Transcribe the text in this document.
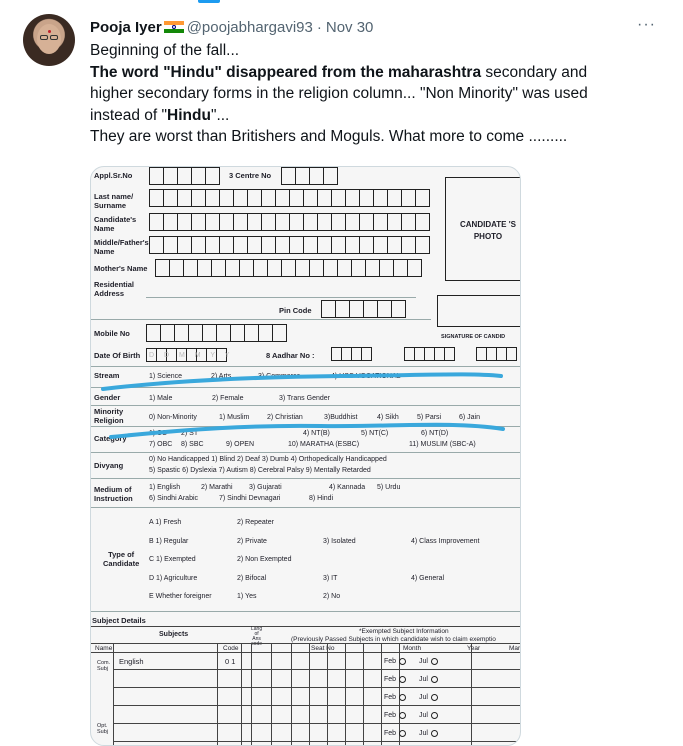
Pooja Iyer @poojabhargavi93 · Nov 30	···
Beginning of the fall...
The word "Hindu" disappeared from the maharashtra secondary and
higher secondary forms in the religion column... "Non Minority" was used
instead of "Hindu"...
They are worst than Britishers and Moguls. What more to come .........
Appl.Sr.No	3 Centre No
Last name/
Surname
Candidate's
Name
Middle/Father's
Name
Mother's Name
CANDIDATE 'S
PHOTO
Residential
Address
Pin Code
SIGNATURE OF CANDID
Mobile No
Date Of Birth D D M M Y Y	8 Aadhar No :
Stream	1) Science	2) Arts	3) Commerce	4) HSC VOCATIONAL
Gender	1) Male	2) Female	3) Trans Gender
Minority
Religion	0) Non-Minority	1) Muslim	2) Christian	3)Buddhist	4) Sikh	5) Parsi	6) Jain
Category
1) SC 2) ST	4) NT(B)	5) NT(C)	6) NT(D)
7) OBC 8) SBC	9) OPEN	10) MARATHA (ESBC)	11) MUSLIM (SBC-A)
Divyang
0) No Handicapped 1) Blind 2) Deaf 3) Dumb 4) Orthopedically Handicapped
5) Spastic 6) Dyslexia 7) Autism 8) Cerebral Palsy 9) Mentally Retarded
Medium of
Instruction
1) English	2) Marathi 3) Gujarati	4) Kannada 5) Urdu
6) Sindhi Arabic	7) Sindhi Devnagari	8) Hindi
Type of
Candidate
A 1) Fresh	2) Repeater
B 1) Regular	2) Private	3) Isolated	4) Class Improvement
C 1) Exempted	2) Non Exempted
D 1) Agriculture	2) Bifocal	3) IT	4) General
E Whether foreigner	1) Yes	2) No
Subject Details
Subjects
Lang
of
Ans
code
*Exempted Subject Information
(Previously Passed Subjects in which candidate wish to claim exemptio
Name	Code	Seat No	Month	Year	Mar
Com.
Subj
English	0 1
Opt.
Subj
Feb	Jul
Feb	Jul
Feb	Jul
Feb	Jul
Feb	Jul
